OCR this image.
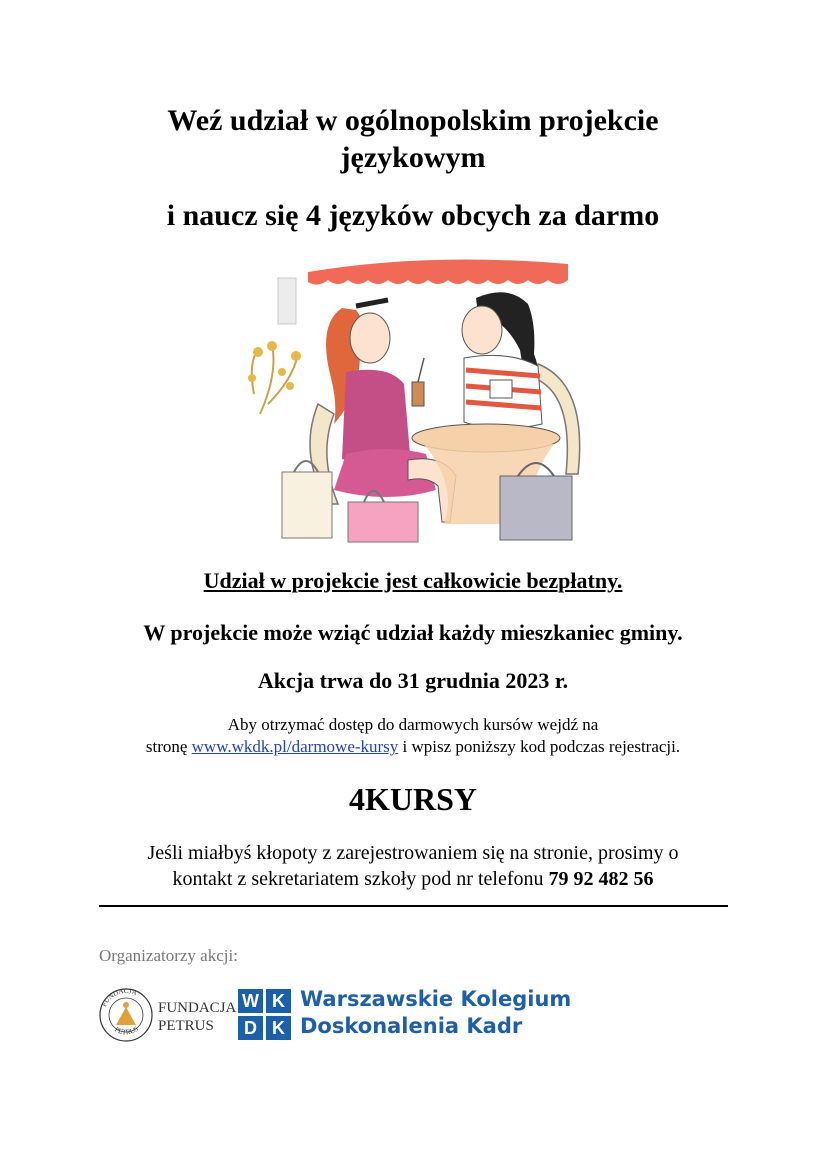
Weź udział w ogólnopolskim projekcie językowym
i naucz się 4 języków obcych za darmo
Udział w projekcie jest całkowicie bezpłatny.
W projekcie może wziąć udział każdy mieszkaniec gminy.
Akcja trwa do 31 grudnia 2023 r.
Aby otrzymać dostęp do darmowych kursów wejdź na
stronę www.wkdk.pl/darmowe-kursy i wpisz poniższy kod podczas rejestracji.
4KURSY
Jeśli miałbyś kłopoty z zarejestrowaniem się na stronie, prosimy o
kontakt z sekretariatem szkoły pod nr telefonu 79 92 482 56
Organizatorzy akcji:
FUNDACJA
PETRUS
FUNDACJA
PETRUS
W K
D K
Warszawskie Kolegium
Doskonalenia Kadr
